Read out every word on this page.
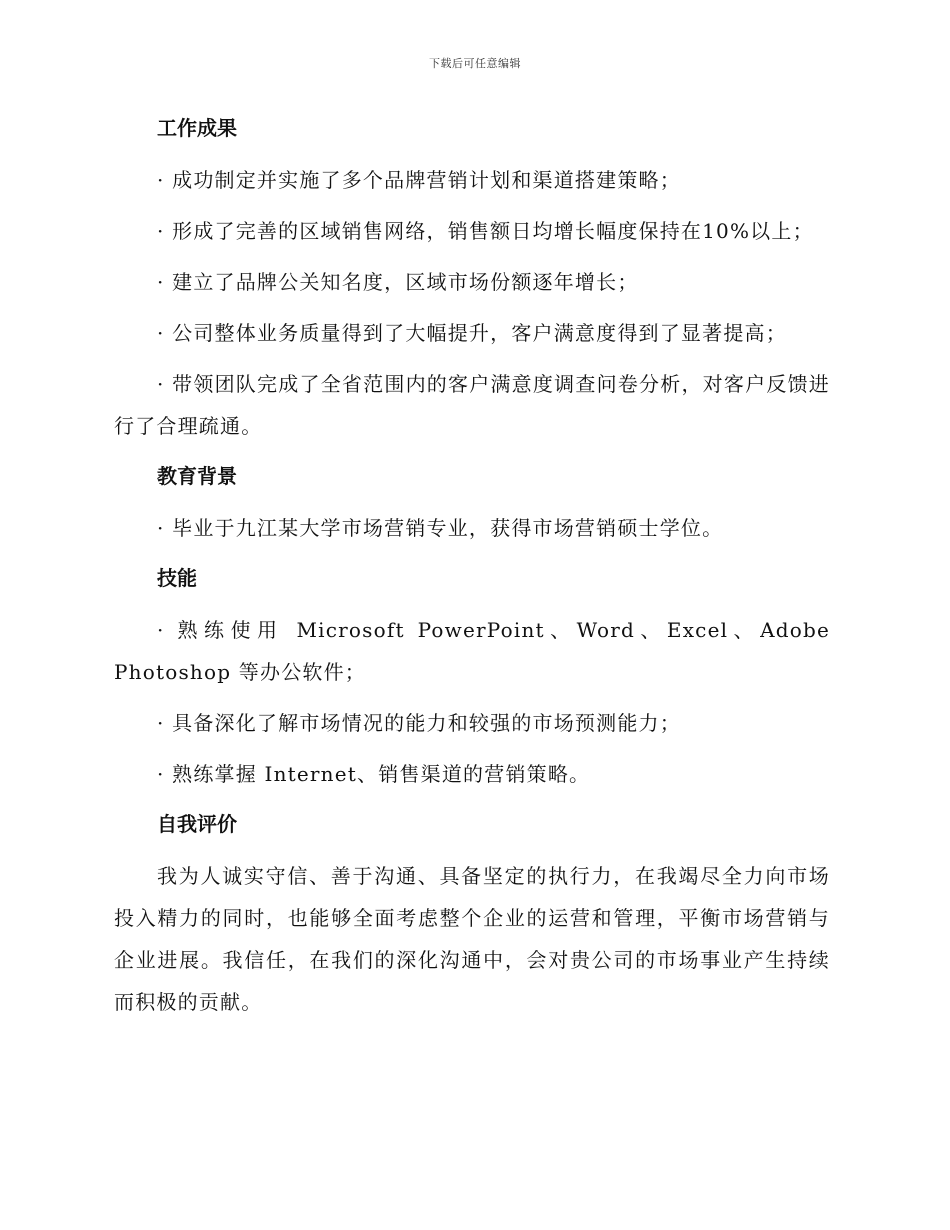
下载后可任意编辑
工作成果

· 成功制定并实施了多个品牌营销计划和渠道搭建策略；

· 形成了完善的区域销售网络，销售额日均增长幅度保持在10%以上；

· 建立了品牌公关知名度，区域市场份额逐年增长；

· 公司整体业务质量得到了大幅提升，客户满意度得到了显著提高；

· 带领团队完成了全省范围内的客户满意度调查问卷分析，对客户反馈进行了合理疏通。

教育背景

· 毕业于九江某大学市场营销专业，获得市场营销硕士学位。

技能

· 熟练使用 Microsoft PowerPoint、Word、Excel、Adobe Photoshop 等办公软件；

· 具备深化了解市场情况的能力和较强的市场预测能力；

· 熟练掌握 Internet、销售渠道的营销策略。

自我评价

我为人诚实守信、善于沟通、具备坚定的执行力，在我竭尽全力向市场投入精力的同时，也能够全面考虑整个企业的运营和管理，平衡市场营销与企业进展。我信任，在我们的深化沟通中，会对贵公司的市场事业产生持续而积极的贡献。
